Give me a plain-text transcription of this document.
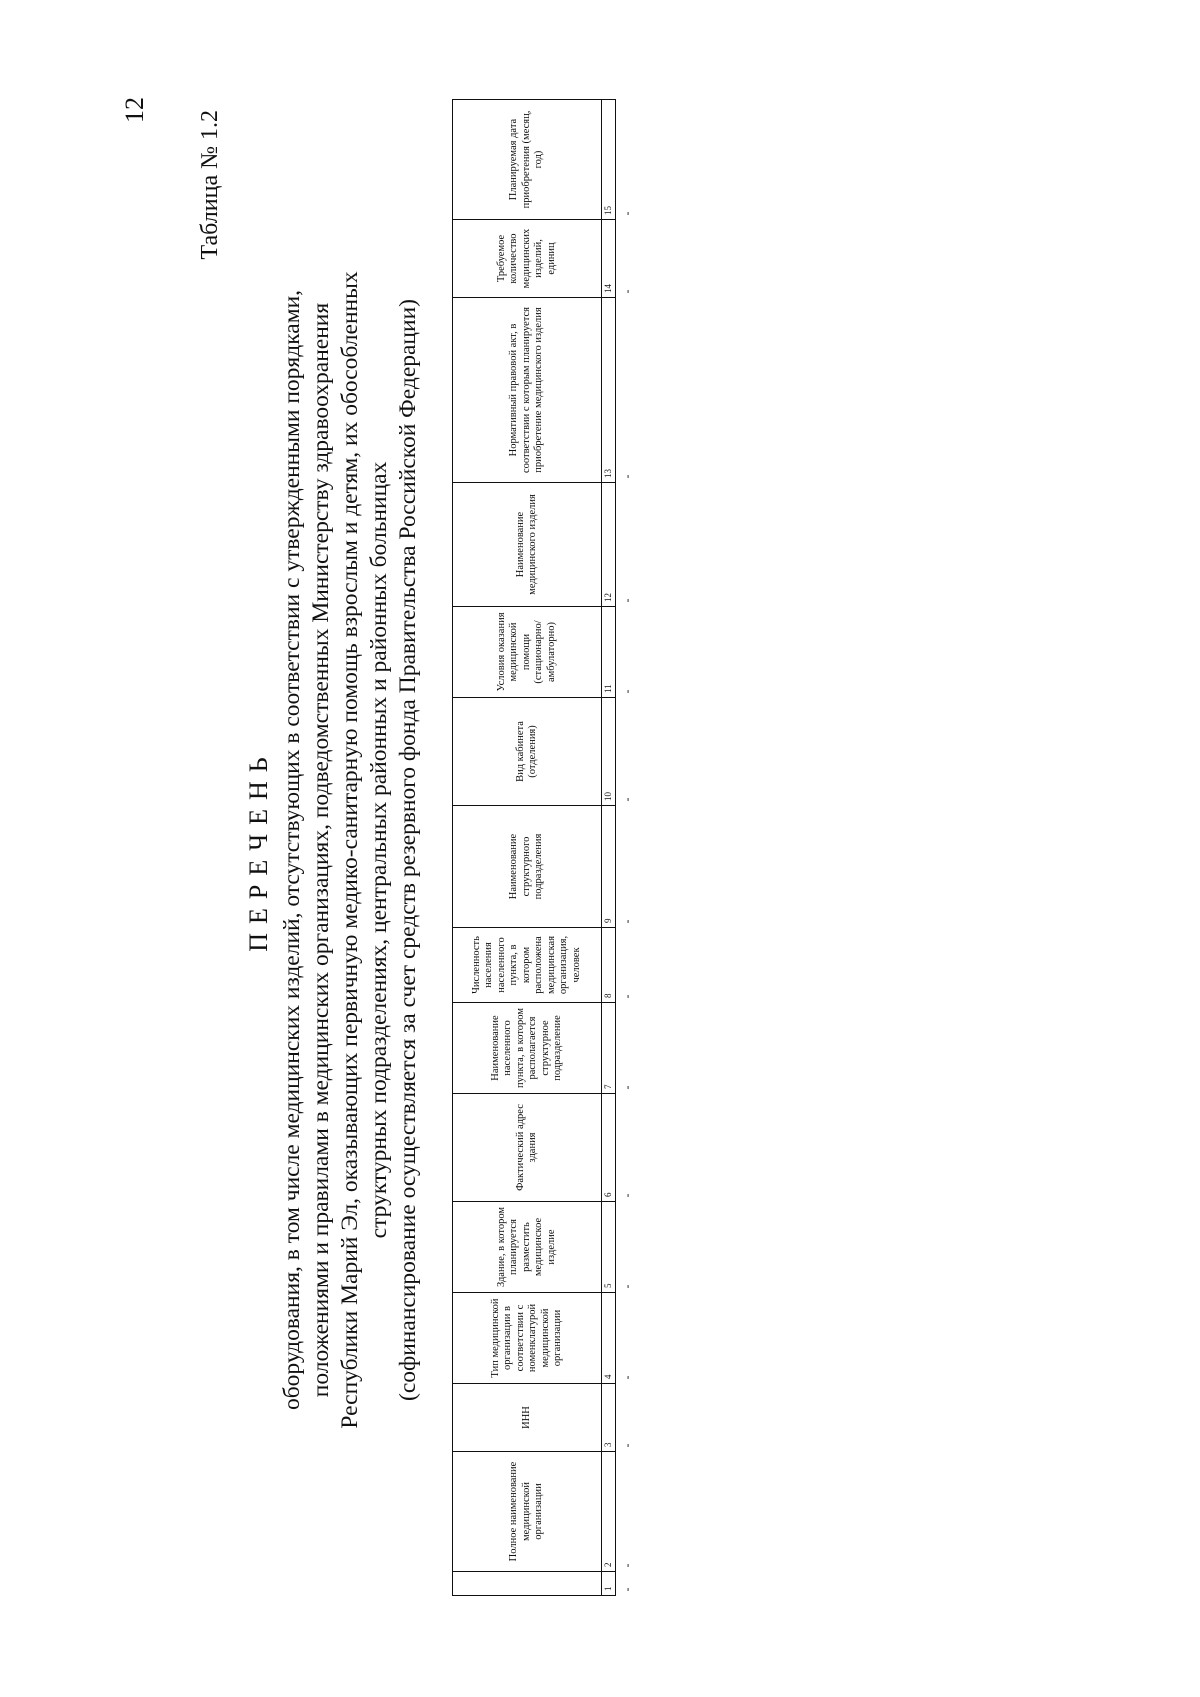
12 Таблица № 1.2
ПЕРЕЧЕНЬ оборудования, в том числе медицинских изделий, отсутствующих в соответствии с утвержденными порядками, положениями и правилами в медицинских организациях, подведомственных Министерству здравоохранения Республики Марий Эл, оказывающих первичную медико-санитарную помощь взрослым и детям, их обособленных структурных подразделениях, центральных районных и районных больницах (софинансирование осуществляется за счет средств резервного фонда Правительства Российской Федерации)
	Полное наименование медицинской организации	ИНН	Тип медицинской организации в соответствии с номенклатурой медицинской организации	Здание, в котором планируется разместить медицинское изделие	Фактический адрес здания	Наименование населенного пункта, в котором располагается структурное подразделение	Численность населения населенного пункта, в котором расположена медицинская организация, человек	Наименование структурного подразделения	Вид кабинета (отделения)	Условия оказания медицинской помощи (стационарно/ амбулаторно)	Наименование медицинского изделия	Нормативный правовой акт, в соответствии с которым планируется приобретение медицинского изделия	Требуемое количество медицинских изделий, единиц	Планируемая дата приобретения (месяц, год)
1	2	3	4	5	6	7	8	9	10	11	12	13	14	15
-	-	-	-	-	-	-	-	-	-	-	-	-	-	-
